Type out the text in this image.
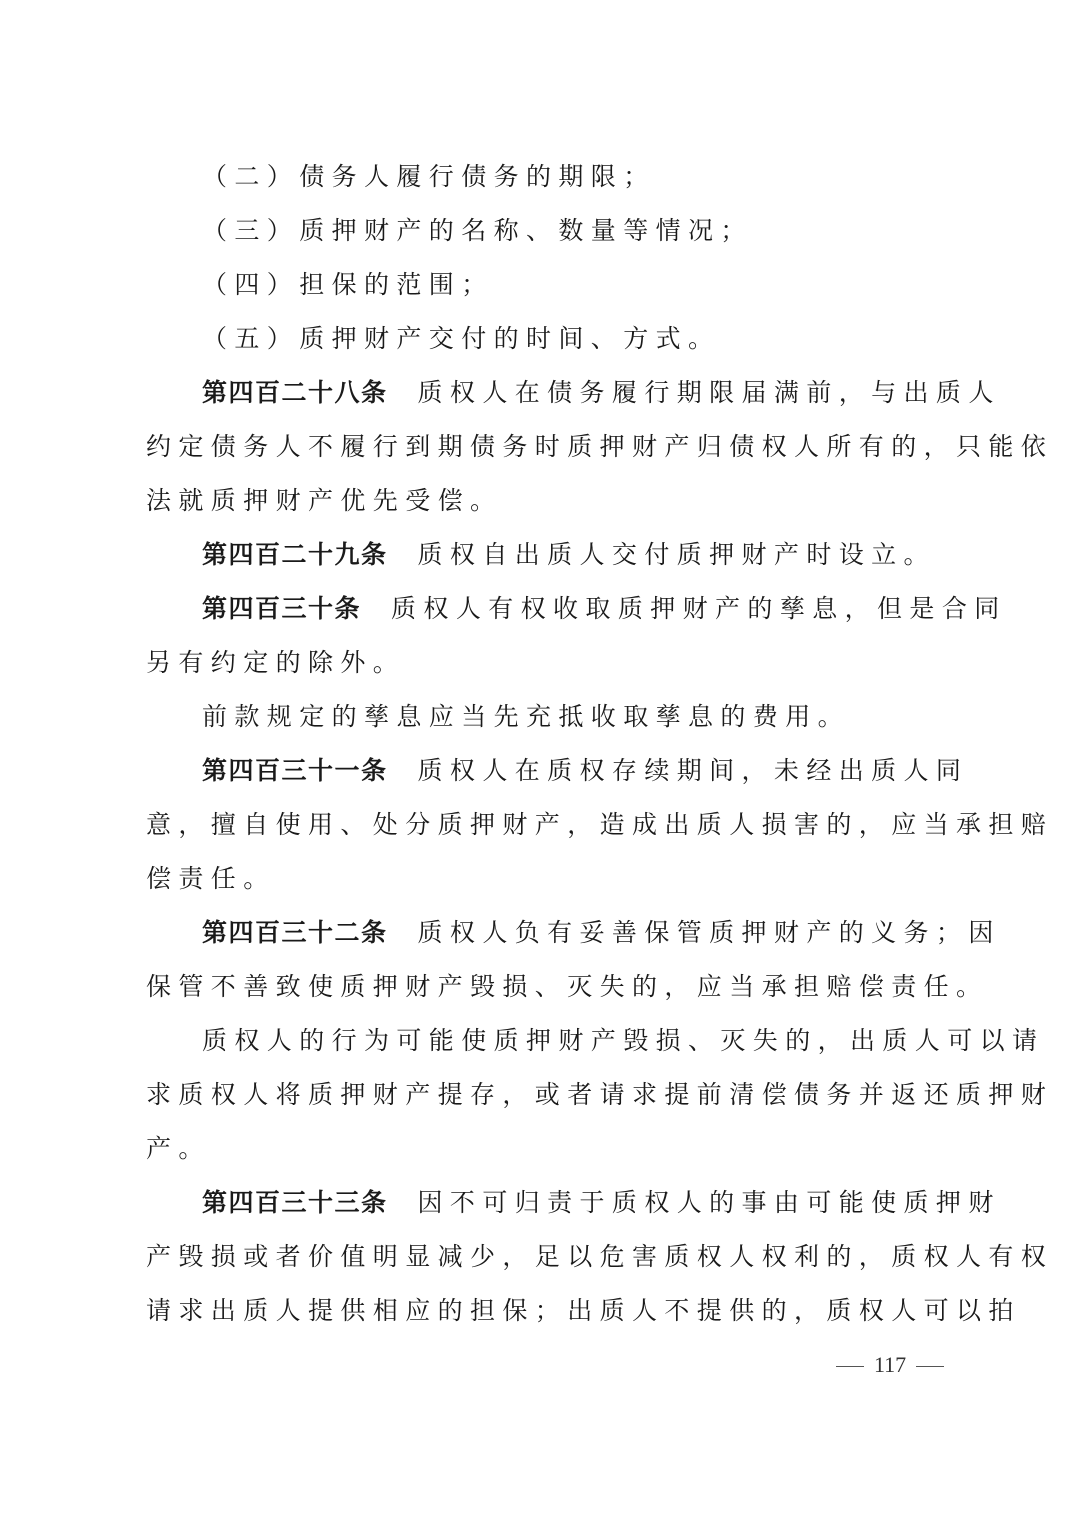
（二）债务人履行债务的期限；
（三）质押财产的名称、数量等情况；
（四）担保的范围；
（五）质押财产交付的时间、方式。
第四百二十八条 质权人在债务履行期限届满前，与出质人
约定债务人不履行到期债务时质押财产归债权人所有的，只能依
法就质押财产优先受偿。
第四百二十九条 质权自出质人交付质押财产时设立。
第四百三十条 质权人有权收取质押财产的孳息，但是合同
另有约定的除外。
前款规定的孳息应当先充抵收取孳息的费用。
第四百三十一条 质权人在质权存续期间，未经出质人同
意，擅自使用、处分质押财产，造成出质人损害的，应当承担赔
偿责任。
第四百三十二条 质权人负有妥善保管质押财产的义务；因
保管不善致使质押财产毁损、灭失的，应当承担赔偿责任。
质权人的行为可能使质押财产毁损、灭失的，出质人可以请
求质权人将质押财产提存，或者请求提前清偿债务并返还质押财
产。
第四百三十三条 因不可归责于质权人的事由可能使质押财
产毁损或者价值明显减少，足以危害质权人权利的，质权人有权
请求出质人提供相应的担保；出质人不提供的，质权人可以拍
117
